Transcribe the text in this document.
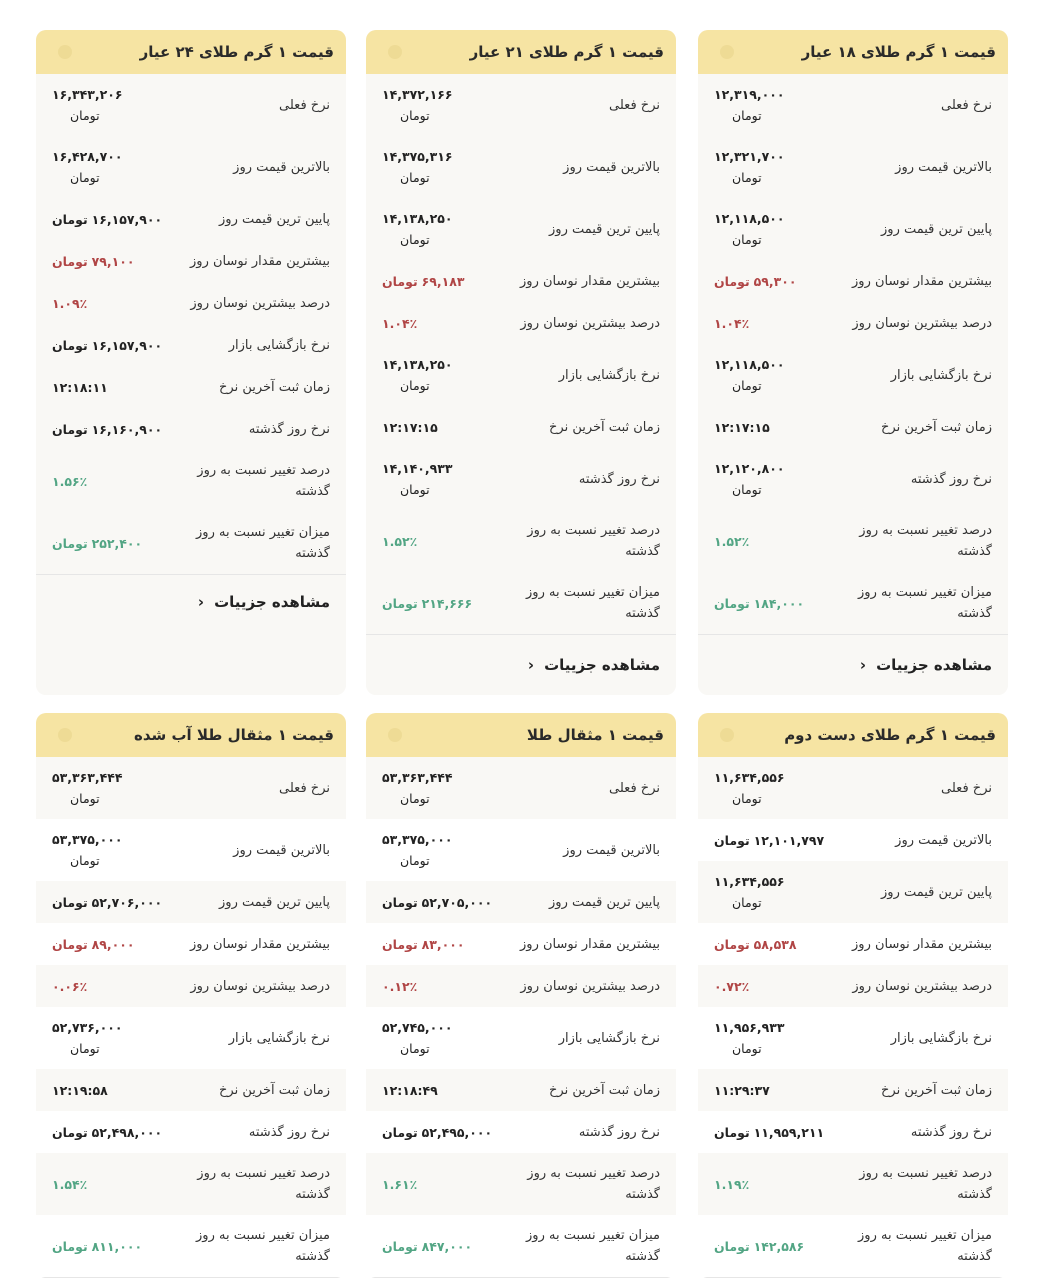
قیمت ۱ گرم طلای ۱۸ عیار
نرخ فعلی
۱۲,۳۱۹,۰۰۰
تومان
بالاترین قیمت روز
۱۲,۳۲۱,۷۰۰
تومان
پایین ترین قیمت روز
۱۲,۱۱۸,۵۰۰
تومان
بیشترین مقدار نوسان روز
۵۹,۳۰۰
تومان
درصد بیشترین نوسان روز
۱.۰۴٪
نرخ بازگشایی بازار
۱۲,۱۱۸,۵۰۰
تومان
زمان ثبت آخرین نرخ
۱۲:۱۷:۱۵
نرخ روز گذشته
۱۲,۱۲۰,۸۰۰
تومان
درصد تغییر نسبت به روز گذشته
۱.۵۲٪
میزان تغییر نسبت به روز گذشته
۱۸۴,۰۰۰
تومان
مشاهده جزییات
‹
قیمت ۱ گرم طلای ۲۱ عیار
نرخ فعلی
۱۴,۳۷۲,۱۶۶
تومان
بالاترین قیمت روز
۱۴,۳۷۵,۳۱۶
تومان
پایین ترین قیمت روز
۱۴,۱۳۸,۲۵۰
تومان
بیشترین مقدار نوسان روز
۶۹,۱۸۳
تومان
درصد بیشترین نوسان روز
۱.۰۴٪
نرخ بازگشایی بازار
۱۴,۱۳۸,۲۵۰
تومان
زمان ثبت آخرین نرخ
۱۲:۱۷:۱۵
نرخ روز گذشته
۱۴,۱۴۰,۹۳۳
تومان
درصد تغییر نسبت به روز گذشته
۱.۵۲٪
میزان تغییر نسبت به روز گذشته
۲۱۴,۶۶۶
تومان
مشاهده جزییات
‹
قیمت ۱ گرم طلای ۲۴ عیار
نرخ فعلی
۱۶,۳۴۳,۲۰۶
تومان
بالاترین قیمت روز
۱۶,۴۲۸,۷۰۰
تومان
پایین ترین قیمت روز
۱۶,۱۵۷,۹۰۰
تومان
بیشترین مقدار نوسان روز
۷۹,۱۰۰
تومان
درصد بیشترین نوسان روز
۱.۰۹٪
نرخ بازگشایی بازار
۱۶,۱۵۷,۹۰۰
تومان
زمان ثبت آخرین نرخ
۱۲:۱۸:۱۱
نرخ روز گذشته
۱۶,۱۶۰,۹۰۰
تومان
درصد تغییر نسبت به روز گذشته
۱.۵۶٪
میزان تغییر نسبت به روز گذشته
۲۵۲,۴۰۰
تومان
مشاهده جزییات
‹
قیمت ۱ گرم طلای دست دوم
نرخ فعلی
۱۱,۶۳۴,۵۵۶
تومان
بالاترین قیمت روز
۱۲,۱۰۱,۷۹۷
تومان
پایین ترین قیمت روز
۱۱,۶۳۴,۵۵۶
تومان
بیشترین مقدار نوسان روز
۵۸,۵۳۸
تومان
درصد بیشترین نوسان روز
۰.۷۲٪
نرخ بازگشایی بازار
۱۱,۹۵۶,۹۳۳
تومان
زمان ثبت آخرین نرخ
۱۱:۲۹:۳۷
نرخ روز گذشته
۱۱,۹۵۹,۲۱۱
تومان
درصد تغییر نسبت به روز گذشته
۱.۱۹٪
میزان تغییر نسبت به روز گذشته
۱۴۲,۵۸۶
تومان
قیمت ۱ مثقال طلا
نرخ فعلی
۵۳,۳۶۳,۴۴۴
تومان
بالاترین قیمت روز
۵۳,۳۷۵,۰۰۰
تومان
پایین ترین قیمت روز
۵۲,۷۰۵,۰۰۰
تومان
بیشترین مقدار نوسان روز
۸۳,۰۰۰
تومان
درصد بیشترین نوسان روز
۰.۱۲٪
نرخ بازگشایی بازار
۵۲,۷۴۵,۰۰۰
تومان
زمان ثبت آخرین نرخ
۱۲:۱۸:۴۹
نرخ روز گذشته
۵۲,۴۹۵,۰۰۰
تومان
درصد تغییر نسبت به روز گذشته
۱.۶۱٪
میزان تغییر نسبت به روز گذشته
۸۴۷,۰۰۰
تومان
قیمت ۱ مثقال طلا آب شده
نرخ فعلی
۵۳,۳۶۳,۴۴۴
تومان
بالاترین قیمت روز
۵۳,۳۷۵,۰۰۰
تومان
پایین ترین قیمت روز
۵۲,۷۰۶,۰۰۰
تومان
بیشترین مقدار نوسان روز
۸۹,۰۰۰
تومان
درصد بیشترین نوسان روز
۰.۰۶٪
نرخ بازگشایی بازار
۵۲,۷۳۶,۰۰۰
تومان
زمان ثبت آخرین نرخ
۱۲:۱۹:۵۸
نرخ روز گذشته
۵۲,۴۹۸,۰۰۰
تومان
درصد تغییر نسبت به روز گذشته
۱.۵۴٪
میزان تغییر نسبت به روز گذشته
۸۱۱,۰۰۰
تومان
